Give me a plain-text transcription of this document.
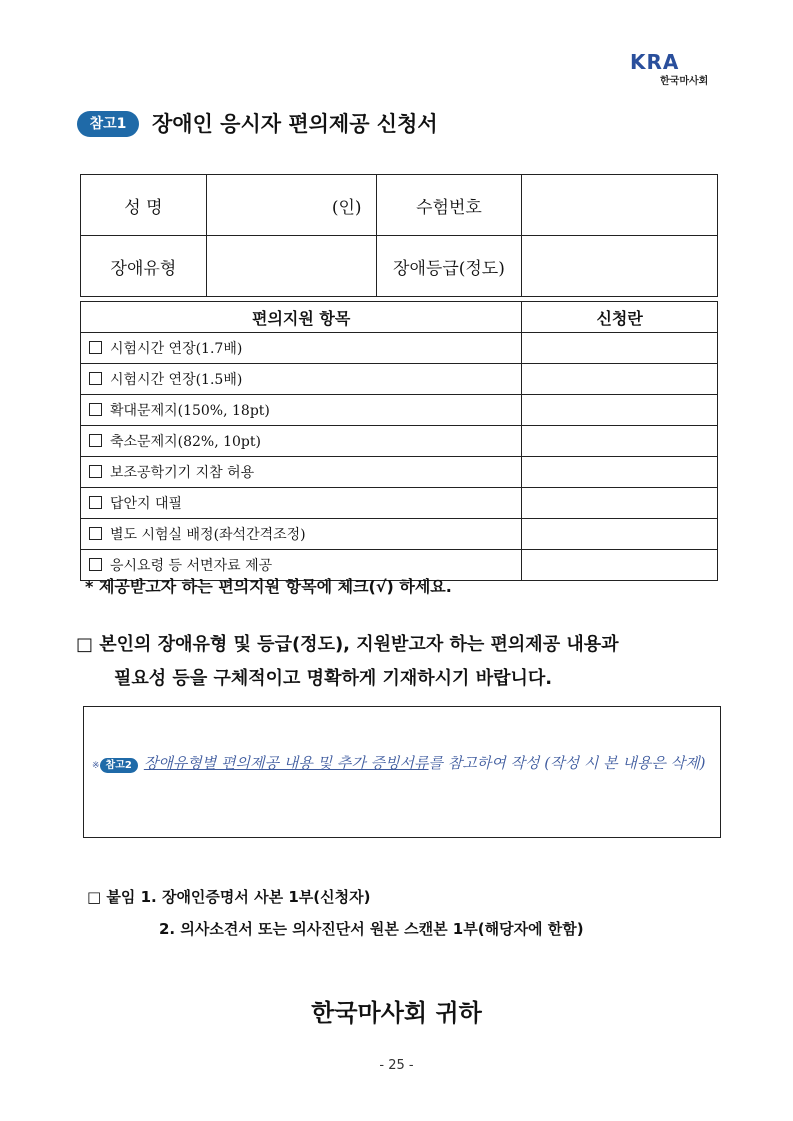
KRA
한국마사회
참고1	장애인 응시자 편의제공 신청서
성 명	(인)	수험번호	
장애유형		장애등급(정도)	
편의지원 항목	신청란
시험시간 연장(1.7배)	
시험시간 연장(1.5배)	
확대문제지(150%, 18pt)	
축소문제지(82%, 10pt)	
보조공학기기 지참 허용	
답안지 대필	
별도 시험실 배정(좌석간격조정)	
응시요령 등 서면자료 제공	
* 제공받고자 하는 편의지원 항목에 체크(√) 하세요.
□ 본인의 장애유형 및 등급(정도), 지원받고자 하는 편의제공 내용과
필요성 등을 구체적이고 명확하게 기재하시기 바랍니다.
※ 참고2 장애유형별 편의제공 내용 및 추가 증빙서류를 참고하여 작성 (작성 시 본 내용은 삭제)
□ 붙임 1. 장애인증명서 사본 1부(신청자)
2. 의사소견서 또는 의사진단서 원본 스캔본 1부(해당자에 한함)
한국마사회 귀하
- 25 -
